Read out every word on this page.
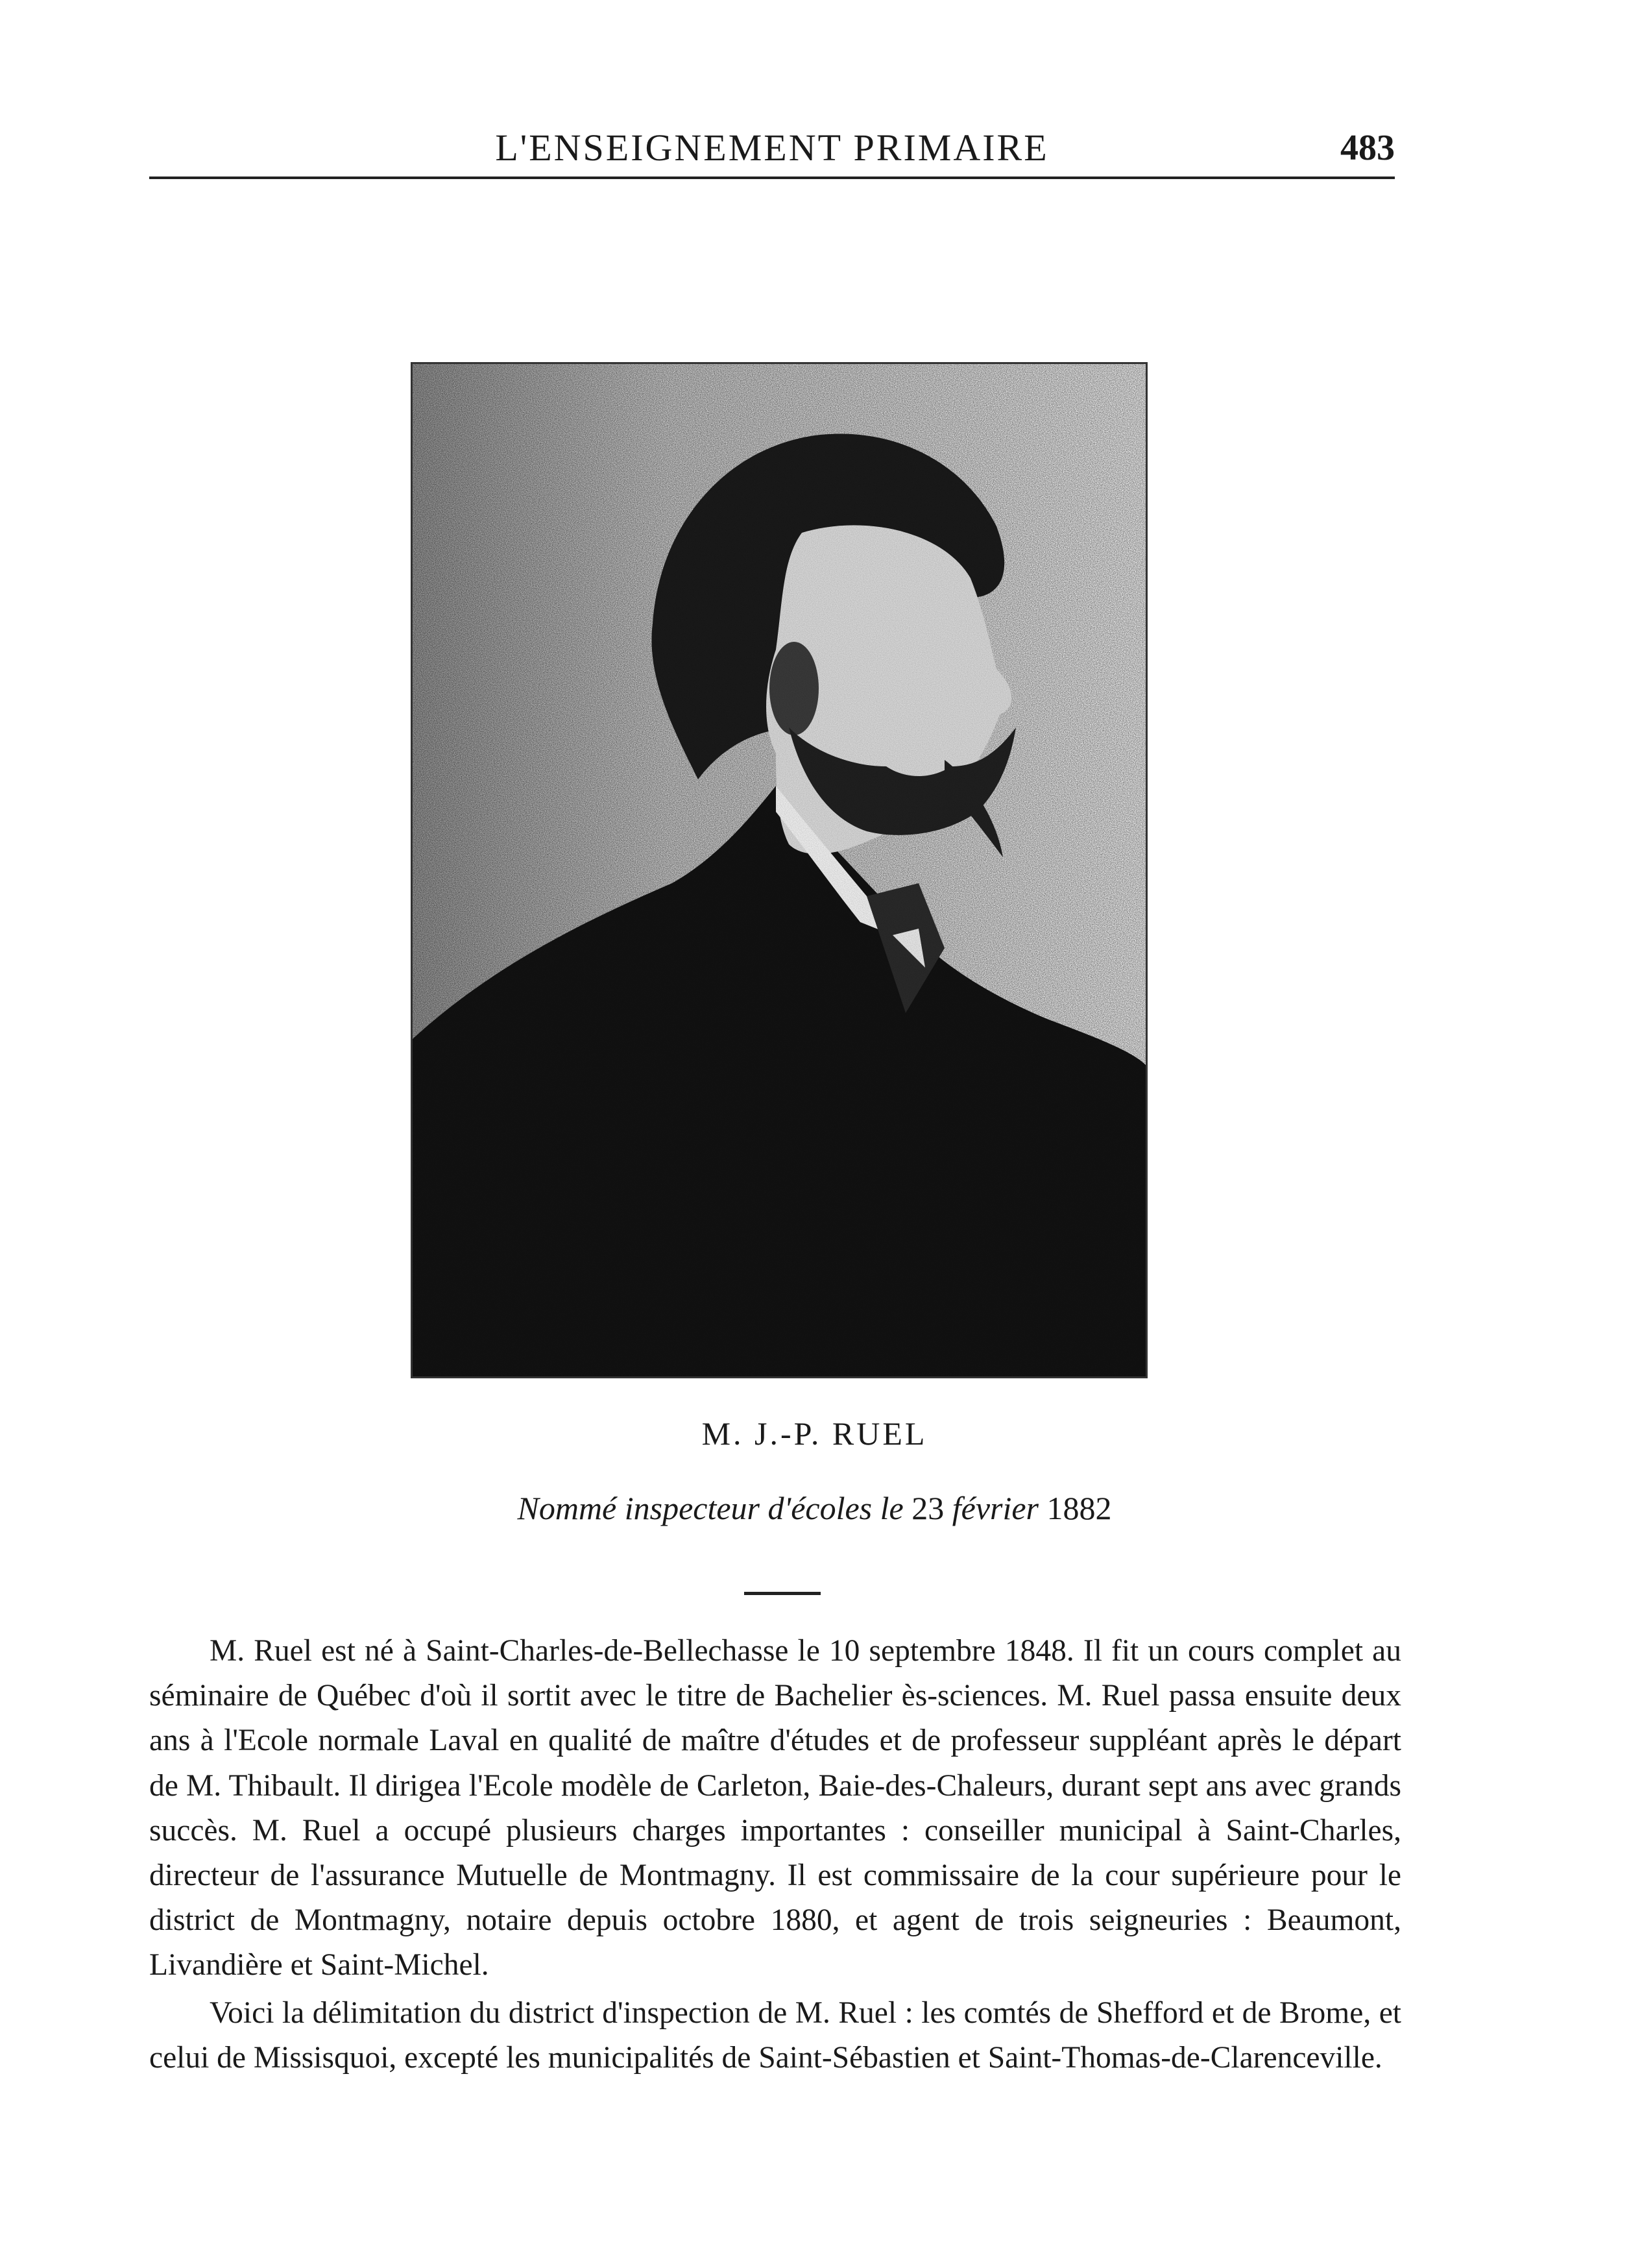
L'ENSEIGNEMENT PRIMAIRE	483
M. J.-P. RUEL
Nommé inspecteur d'écoles le 23 février 1882

M. Ruel est né à Saint-Charles-de-Bellechasse le 10 septembre 1848. Il fit un cours complet au séminaire de Québec d'où il sortit avec le titre de Bachelier ès-sciences. M. Ruel passa ensuite deux ans à l'Ecole normale Laval en qualité de maître d'études et de professeur suppléant après le départ de M. Thibault. Il dirigea l'Ecole modèle de Carleton, Baie-des-Chaleurs, durant sept ans avec grands succès. M. Ruel a occupé plusieurs charges importantes : conseiller municipal à Saint-Charles, directeur de l'assurance Mutuelle de Montmagny. Il est commissaire de la cour supérieure pour le district de Montmagny, notaire depuis octobre 1880, et agent de trois seigneuries : Beaumont, Livandière et Saint-Michel.

Voici la délimitation du district d'inspection de M. Ruel : les comtés de Shefford et de Brome, et celui de Missisquoi, excepté les municipalités de Saint-Sébastien et Saint-Thomas-de-Clarenceville.
